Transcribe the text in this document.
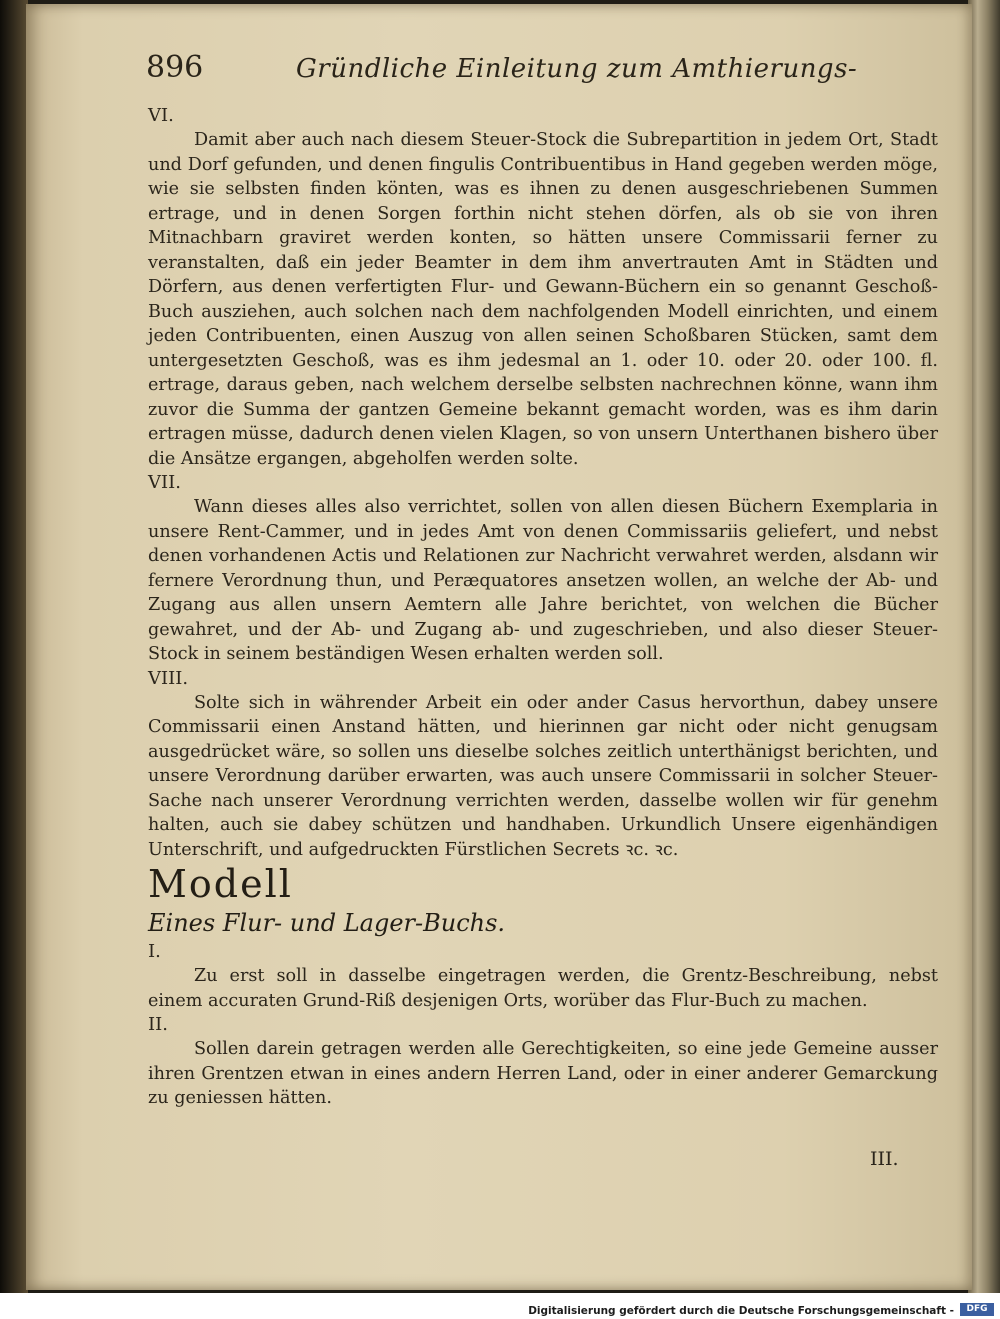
896	Gründliche Einleitung zum Amthierungs-

VI.

Damit aber auch nach diesem Steuer-Stock die Subrepartition in jedem Ort, Stadt und Dorf gefunden, und denen fingulis Contribuentibus in Hand gegeben werden möge, wie sie selbsten finden könten, was es ihnen zu denen ausgeschriebenen Summen ertrage, und in denen Sorgen forthin nicht stehen dörfen, als ob sie von ihren Mitnachbarn graviret werden konten, so hätten unsere Commissarii ferner zu veranstalten, daß ein jeder Beamter in dem ihm anvertrauten Amt in Städten und Dörfern, aus denen verfertigten Flur- und Gewann-Büchern ein so genannt Geschoß-Buch ausziehen, auch solchen nach dem nachfolgenden Modell einrichten, und einem jeden Contribuenten, einen Auszug von allen seinen Schoßbaren Stücken, samt dem untergesetzten Geschoß, was es ihm jedesmal an 1. oder 10. oder 20. oder 100. fl. ertrage, daraus geben, nach welchem derselbe selbsten nachrechnen könne, wann ihm zuvor die Summa der gantzen Gemeine bekannt gemacht worden, was es ihm darin ertragen müsse, dadurch denen vielen Klagen, so von unsern Unterthanen bishero über die Ansätze ergangen, abgeholfen werden solte.

VII.

Wann dieses alles also verrichtet, sollen von allen diesen Büchern Exemplaria in unsere Rent-Cammer, und in jedes Amt von denen Commissariis geliefert, und nebst denen vorhandenen Actis und Relationen zur Nachricht verwahret werden, alsdann wir fernere Verordnung thun, und Peræquatores ansetzen wollen, an welche der Ab- und Zugang aus allen unsern Aemtern alle Jahre berichtet, von welchen die Bücher gewahret, und der Ab- und Zugang ab- und zugeschrieben, und also dieser Steuer-Stock in seinem beständigen Wesen erhalten werden soll.

VIII.

Solte sich in währender Arbeit ein oder ander Casus hervorthun, dabey unsere Commissarii einen Anstand hätten, und hierinnen gar nicht oder nicht genugsam ausgedrücket wäre, so sollen uns dieselbe solches zeitlich unterthänigst berichten, und unsere Verordnung darüber erwarten, was auch unsere Commissarii in solcher Steuer-Sache nach unserer Verordnung verrichten werden, dasselbe wollen wir für genehm halten, auch sie dabey schützen und handhaben. Urkundlich Unsere eigenhändigen Unterschrift, und aufgedruckten Fürstlichen Secrets ꝛc. ꝛc.

Modell

Eines Flur- und Lager-Buchs.

I.

Zu erst soll in dasselbe eingetragen werden, die Grentz-Beschreibung, nebst einem accuraten Grund-Riß desjenigen Orts, worüber das Flur-Buch zu machen.

II.

Sollen darein getragen werden alle Gerechtigkeiten, so eine jede Gemeine ausser ihren Grentzen etwan in eines andern Herren Land, oder in einer anderer Gemarckung zu geniessen hätten.

III.
Digitalisierung gefördert durch die Deutsche Forschungsgemeinschaft -	DFG
